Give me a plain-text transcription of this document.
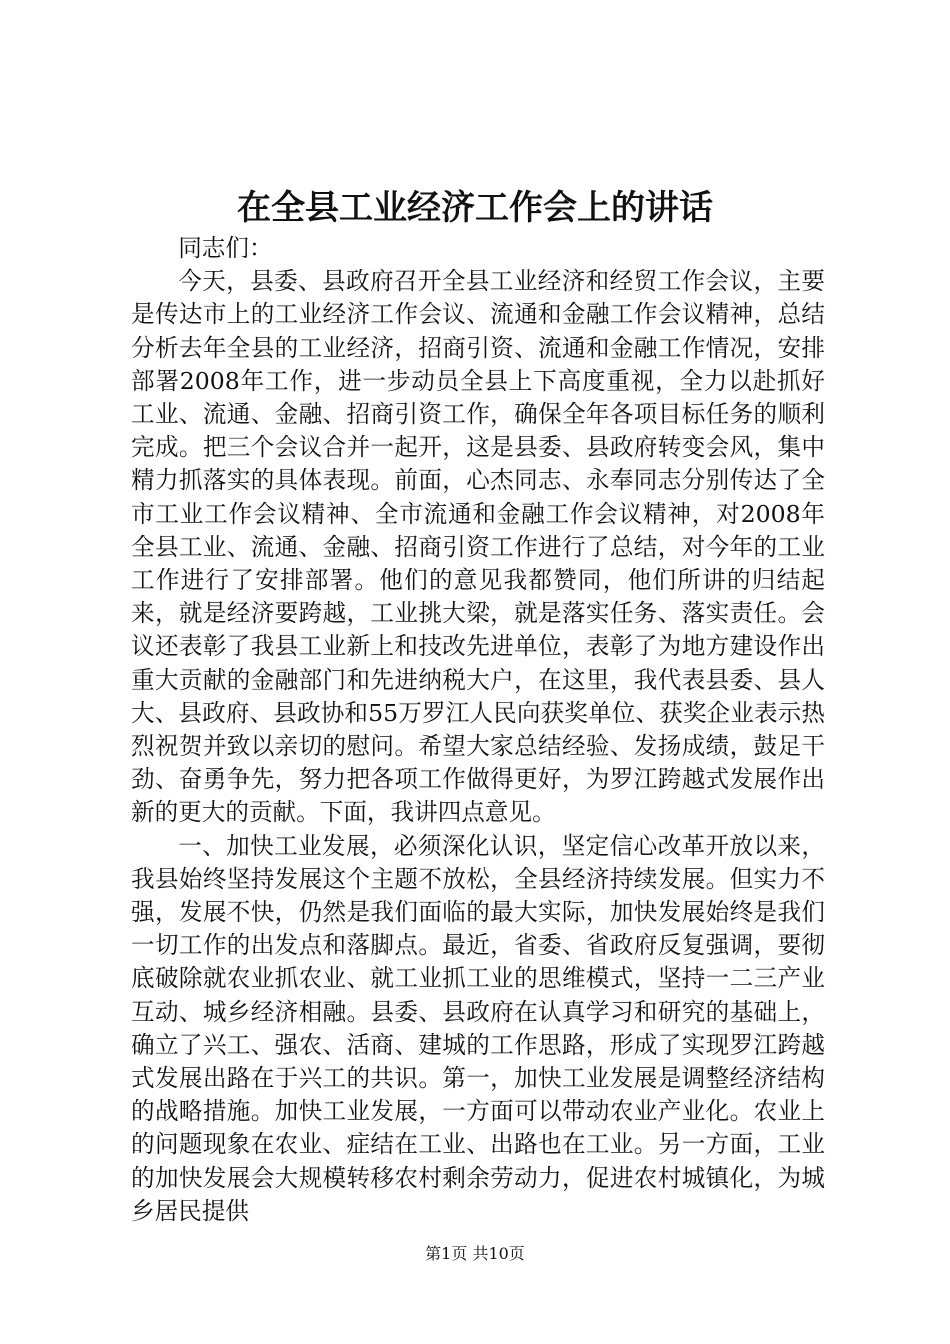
在全县工业经济工作会上的讲话

同志们：

今天，县委、县政府召开全县工业经济和经贸工作会议，主要是传达市上的工业经济工作会议、流通和金融工作会议精神，总结分析去年全县的工业经济，招商引资、流通和金融工作情况，安排部署2008年工作，进一步动员全县上下高度重视，全力以赴抓好工业、流通、金融、招商引资工作，确保全年各项目标任务的顺利完成。把三个会议合并一起开，这是县委、县政府转变会风，集中精力抓落实的具体表现。前面，心杰同志、永奉同志分别传达了全市工业工作会议精神、全市流通和金融工作会议精神，对2008年全县工业、流通、金融、招商引资工作进行了总结，对今年的工业工作进行了安排部署。他们的意见我都赞同，他们所讲的归结起来，就是经济要跨越，工业挑大梁，就是落实任务、落实责任。会议还表彰了我县工业新上和技改先进单位，表彰了为地方建设作出重大贡献的金融部门和先进纳税大户，在这里，我代表县委、县人大、县政府、县政协和55万罗江人民向获奖单位、获奖企业表示热烈祝贺并致以亲切的慰问。希望大家总结经验、发扬成绩，鼓足干劲、奋勇争先，努力把各项工作做得更好，为罗江跨越式发展作出新的更大的贡献。下面，我讲四点意见。

一、加快工业发展，必须深化认识，坚定信心改革开放以来，我县始终坚持发展这个主题不放松，全县经济持续发展。但实力不强，发展不快，仍然是我们面临的最大实际，加快发展始终是我们一切工作的出发点和落脚点。最近，省委、省政府反复强调，要彻底破除就农业抓农业、就工业抓工业的思维模式，坚持一二三产业互动、城乡经济相融。县委、县政府在认真学习和研究的基础上，确立了兴工、强农、活商、建城的工作思路，形成了实现罗江跨越式发展出路在于兴工的共识。第一，加快工业发展是调整经济结构的战略措施。加快工业发展，一方面可以带动农业产业化。农业上的问题现象在农业、症结在工业、出路也在工业。另一方面，工业的加快发展会大规模转移农村剩余劳动力，促进农村城镇化，为城乡居民提供

第1页 共10页
